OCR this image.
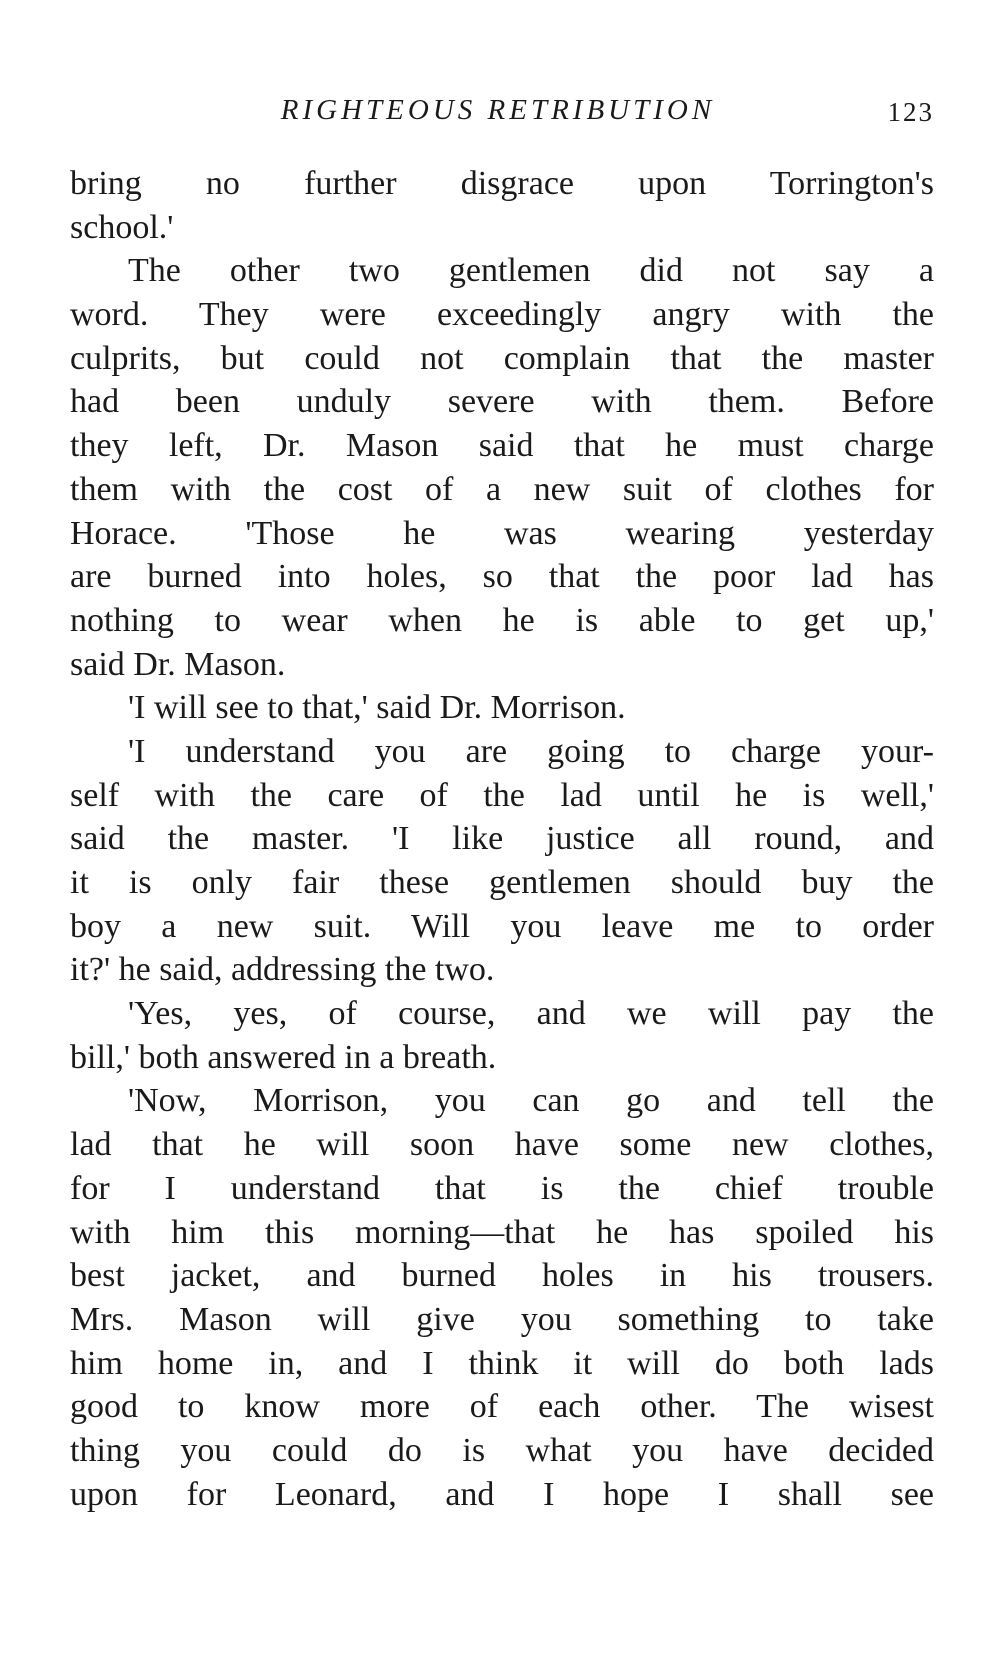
RIGHTEOUS RETRIBUTION	123
bring no further disgrace upon Torrington's
school.'
The other two gentlemen did not say a
word. They were exceedingly angry with the
culprits, but could not complain that the master
had been unduly severe with them. Before
they left, Dr. Mason said that he must charge
them with the cost of a new suit of clothes for
Horace. 'Those he was wearing yesterday
are burned into holes, so that the poor lad has
nothing to wear when he is able to get up,'
said Dr. Mason.
'I will see to that,' said Dr. Morrison.
'I understand you are going to charge your-
self with the care of the lad until he is well,'
said the master. 'I like justice all round, and
it is only fair these gentlemen should buy the
boy a new suit. Will you leave me to order
it?' he said, addressing the two.
'Yes, yes, of course, and we will pay the
bill,' both answered in a breath.
'Now, Morrison, you can go and tell the
lad that he will soon have some new clothes,
for I understand that is the chief trouble
with him this morning—that he has spoiled his
best jacket, and burned holes in his trousers.
Mrs. Mason will give you something to take
him home in, and I think it will do both lads
good to know more of each other. The wisest
thing you could do is what you have decided
upon for Leonard, and I hope I shall see
